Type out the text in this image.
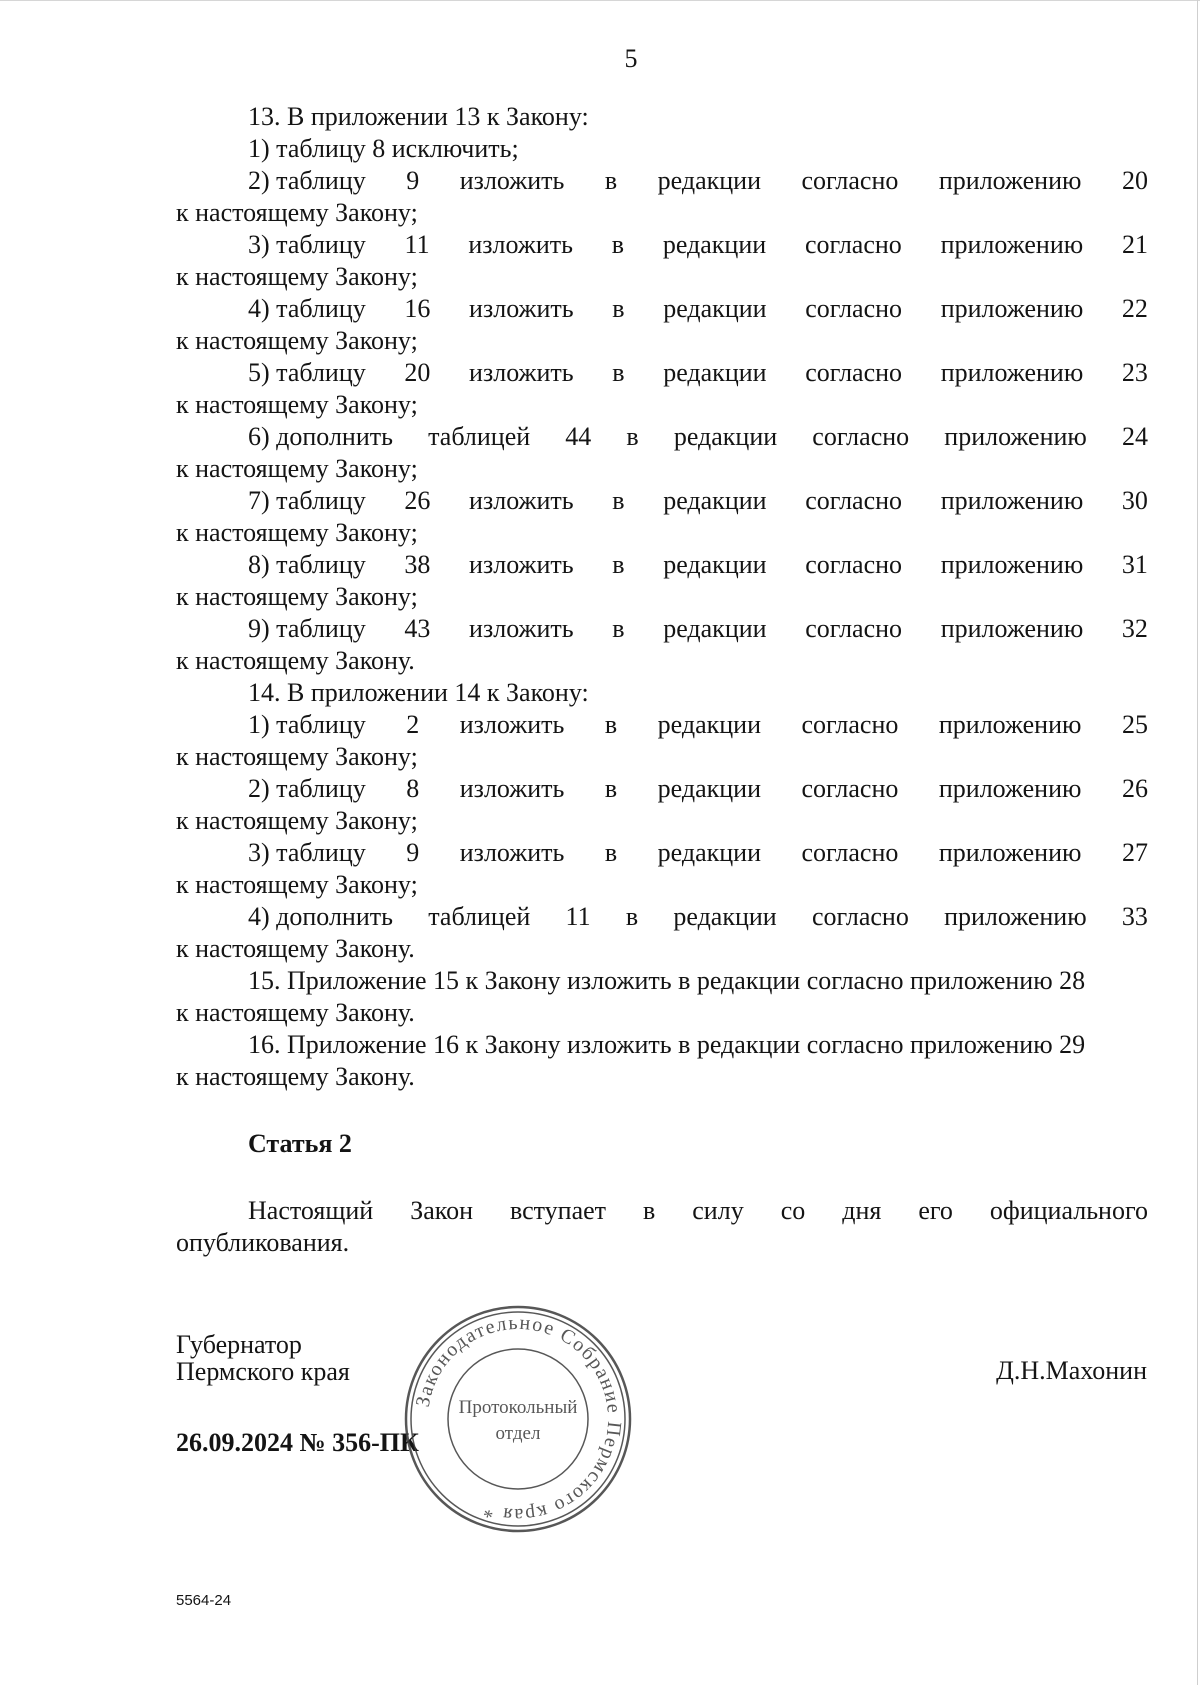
5
13. В приложении 13 к Закону:
1) таблицу 8 исключить;
2) таблицу 9 изложить в редакции согласно приложению 20
к настоящему Закону;
3) таблицу 11 изложить в редакции согласно приложению 21
к настоящему Закону;
4) таблицу 16 изложить в редакции согласно приложению 22
к настоящему Закону;
5) таблицу 20 изложить в редакции согласно приложению 23
к настоящему Закону;
6) дополнить таблицей 44 в редакции согласно приложению 24
к настоящему Закону;
7) таблицу 26 изложить в редакции согласно приложению 30
к настоящему Закону;
8) таблицу 38 изложить в редакции согласно приложению 31
к настоящему Закону;
9) таблицу 43 изложить в редакции согласно приложению 32
к настоящему Закону.
14. В приложении 14 к Закону:
1) таблицу 2 изложить в редакции согласно приложению 25
к настоящему Закону;
2) таблицу 8 изложить в редакции согласно приложению 26
к настоящему Закону;
3) таблицу 9 изложить в редакции согласно приложению 27
к настоящему Закону;
4) дополнить таблицей 11 в редакции согласно приложению 33
к настоящему Закону.
15. Приложение 15 к Закону изложить в редакции согласно приложению 28
к настоящему Закону.
16. Приложение 16 к Закону изложить в редакции согласно приложению 29
к настоящему Закону.
Статья 2
Настоящий Закон вступает в силу со дня его официального
опубликования.
Губернатор
Пермского края	Д.Н.Махонин
26.09.2024 № 356-ПК
Законодательное Собрание Пермского края *
Протокольный
отдел
5564-24
